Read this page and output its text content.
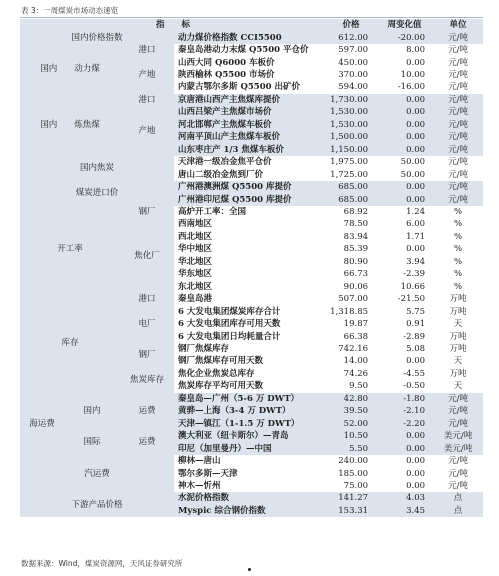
表 3：一周煤炭市场动态速览
指　　标				价格	周变化值	单位
国内价格指数			动力煤价格指数 CCI5500	612.00	-20.00	元/吨
国内　　动力煤		港口	秦皇岛港动力末煤 Q5500 平仓价	597.00	8.00	元/吨
		产地	山西大同 Q6000 车板价	450.00	0.00	元/吨
			陕西榆林 Q5500 市场价	370.00	10.00	元/吨
			内蒙古鄂尔多斯 Q5500 出矿价	594.00	-16.00	元/吨
国内　　炼焦煤		港口	京唐港山西产主焦煤库提价	1,730.00	0.00	元/吨
		产地	山西吕梁产主焦煤市场价	1,530.00	0.00	元/吨
			河北邯郸产主焦煤车板价	1,530.00	0.00	元/吨
			河南平顶山产主焦煤车板价	1,500.00	0.00	元/吨
			山东枣庄产 1/3 焦煤车板价	1,150.00	0.00	元/吨
国内焦炭			天津港一级冶金焦平仓价	1,975.00	50.00	元/吨
			唐山二级冶金焦到厂价	1,725.00	50.00	元/吨
煤炭进口价			广州港澳洲煤 Q5500 库提价	685.00	0.00	元/吨
			广州港印尼煤 Q5500 库提价	685.00	0.00	元/吨
开工率		钢厂	高炉开工率：全国	68.92	1.24	%
		焦化厂	西南地区	78.50	6.00	%
			西北地区	83.94	1.71	%
			华中地区	85.39	0.00	%
			华北地区	80.90	3.94	%
			华东地区	66.73	-2.39	%
			东北地区	90.06	10.66	%
库存		港口	秦皇岛港	507.00	-21.50	万吨
		电厂	6 大发电集团煤炭库存合计	1,318.85	5.75	万吨
			6 大发电集团库存可用天数	19.87	0.91	天
			6 大发电集团日均耗量合计	66.38	-2.89	万吨
		钢厂	钢厂焦煤库存	742.16	5.08	万吨
			钢厂焦煤库存可用天数	14.00	0.00	天
		焦炭库存	焦化企业焦炭总库存	74.26	-4.55	万吨
			焦炭库存平均可用天数	9.50	-0.50	天
海运费	国内	运费	秦皇岛—广州（5-6 万 DWT）	42.80	-1.80	元/吨
			黄骅—上海（3-4 万 DWT）	39.50	-2.10	元/吨
			天津—镇江（1-1.5 万 DWT）	52.00	-2.20	元/吨
	国际	运费	澳大利亚（纽卡斯尔）—青岛	10.50	0.00	美元/吨
			印尼（加里曼丹）—中国	5.50	0.00	美元/吨
汽运费			柳林—唐山	240.00	0.00	元/吨
			鄂尔多斯—天津	185.00	0.00	元/吨
			神木—忻州	75.00	0.00	元/吨
下游产品价格			水泥价格指数	141.27	4.03	点
			Myspic 综合钢价指数	153.31	3.45	点
数据来源：Wind，煤炭资源网，天风证券研究所
